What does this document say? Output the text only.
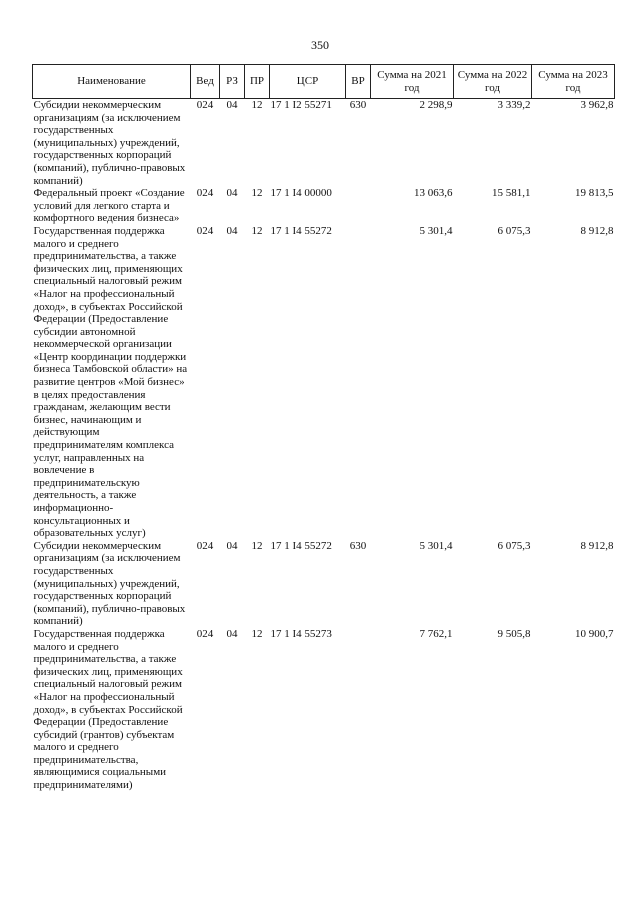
350
Наименование	Вед	РЗ	ПР	ЦСР	ВР	Сумма на 2021 год	Сумма на 2022 год	Сумма на 2023 год
Субсидии некоммерческим организациям (за исключением государственных (муниципальных) учреждений, государственных корпораций (компаний), публично-правовых компаний)	024	04	12	17 1 I2 55271	630	2 298,9	3 339,2	3 962,8
Федеральный проект «Создание условий для легкого старта и комфортного ведения бизнеса»	024	04	12	17 1 I4 00000		13 063,6	15 581,1	19 813,5
Государственная поддержка малого и среднего предпринимательства, а также физических лиц, применяющих специальный налоговый режим «Налог на профессиональный доход», в субъектах Российской Федерации (Предоставление субсидии автономной некоммерческой организации «Центр координации поддержки бизнеса Тамбовской области» на развитие центров «Мой бизнес» в целях предоставления гражданам, желающим вести бизнес, начинающим и действующим предпринимателям комплекса услуг, направленных на вовлечение в предпринимательскую деятельность, а также информационно-консультационных и образовательных услуг)	024	04	12	17 1 I4 55272		5 301,4	6 075,3	8 912,8
Субсидии некоммерческим организациям (за исключением государственных (муниципальных) учреждений, государственных корпораций (компаний), публично-правовых компаний)	024	04	12	17 1 I4 55272	630	5 301,4	6 075,3	8 912,8
Государственная поддержка малого и среднего предпринимательства, а также физических лиц, применяющих специальный налоговый режим «Налог на профессиональный доход», в субъектах Российской Федерации (Предоставление субсидий (грантов) субъектам малого и среднего предпринимательства, являющимися социальными предпринимателями)	024	04	12	17 1 I4 55273		7 762,1	9 505,8	10 900,7
